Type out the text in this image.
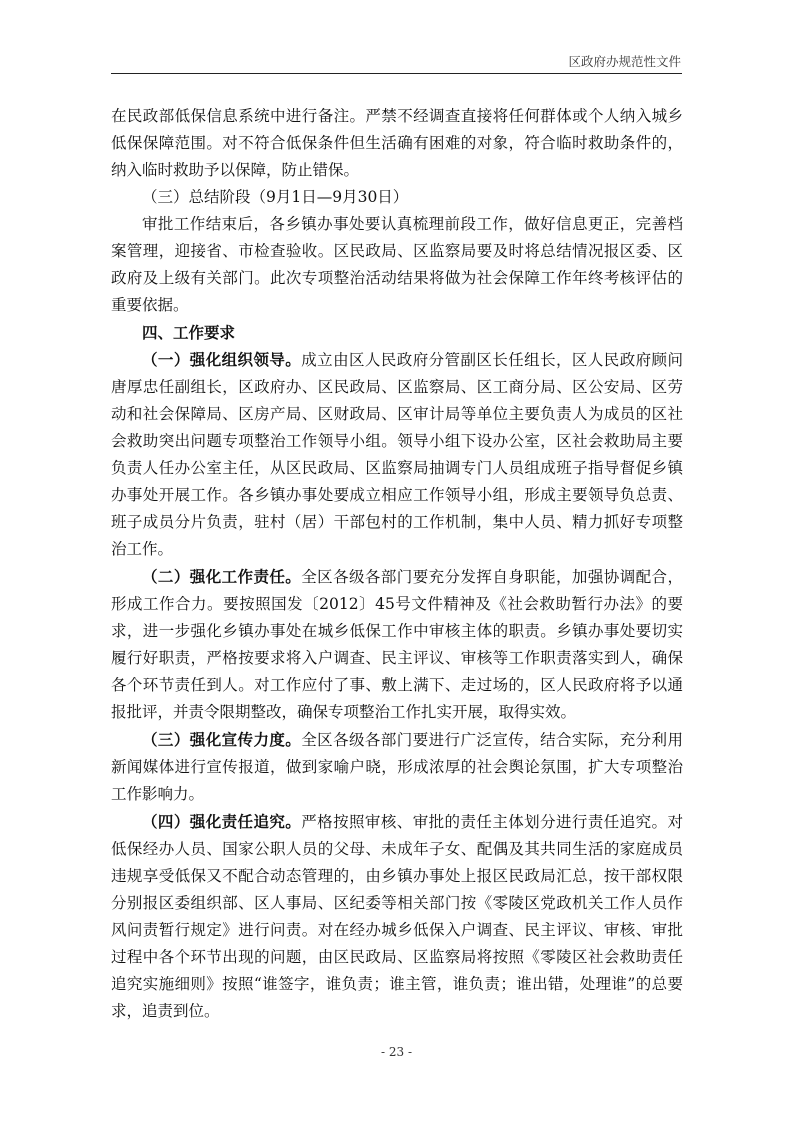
区政府办规范性文件

在民政部低保信息系统中进行备注。严禁不经调查直接将任何群体或个人纳入城乡低保保障范围。对不符合低保条件但生活确有困难的对象，符合临时救助条件的，纳入临时救助予以保障，防止错保。

（三）总结阶段（9月1日—9月30日）

审批工作结束后，各乡镇办事处要认真梳理前段工作，做好信息更正，完善档案管理，迎接省、市检查验收。区民政局、区监察局要及时将总结情况报区委、区政府及上级有关部门。此次专项整治活动结果将做为社会保障工作年终考核评估的重要依据。

四、工作要求

（一）强化组织领导。成立由区人民政府分管副区长任组长，区人民政府顾问唐厚忠任副组长，区政府办、区民政局、区监察局、区工商分局、区公安局、区劳动和社会保障局、区房产局、区财政局、区审计局等单位主要负责人为成员的区社会救助突出问题专项整治工作领导小组。领导小组下设办公室，区社会救助局主要负责人任办公室主任，从区民政局、区监察局抽调专门人员组成班子指导督促乡镇办事处开展工作。各乡镇办事处要成立相应工作领导小组，形成主要领导负总责、班子成员分片负责，驻村（居）干部包村的工作机制，集中人员、精力抓好专项整治工作。

（二）强化工作责任。全区各级各部门要充分发挥自身职能，加强协调配合，形成工作合力。要按照国发〔2012〕45号文件精神及《社会救助暂行办法》的要求，进一步强化乡镇办事处在城乡低保工作中审核主体的职责。乡镇办事处要切实履行好职责，严格按要求将入户调查、民主评议、审核等工作职责落实到人，确保各个环节责任到人。对工作应付了事、敷上满下、走过场的，区人民政府将予以通报批评，并责令限期整改，确保专项整治工作扎实开展，取得实效。

（三）强化宣传力度。全区各级各部门要进行广泛宣传，结合实际，充分利用新闻媒体进行宣传报道，做到家喻户晓，形成浓厚的社会舆论氛围，扩大专项整治工作影响力。

（四）强化责任追究。严格按照审核、审批的责任主体划分进行责任追究。对低保经办人员、国家公职人员的父母、未成年子女、配偶及其共同生活的家庭成员违规享受低保又不配合动态管理的，由乡镇办事处上报区民政局汇总，按干部权限分别报区委组织部、区人事局、区纪委等相关部门按《零陵区党政机关工作人员作风问责暂行规定》进行问责。对在经办城乡低保入户调查、民主评议、审核、审批过程中各个环节出现的问题，由区民政局、区监察局将按照《零陵区社会救助责任追究实施细则》按照“谁签字，谁负责；谁主管，谁负责；谁出错，处理谁”的总要求，追责到位。

- 23 -
